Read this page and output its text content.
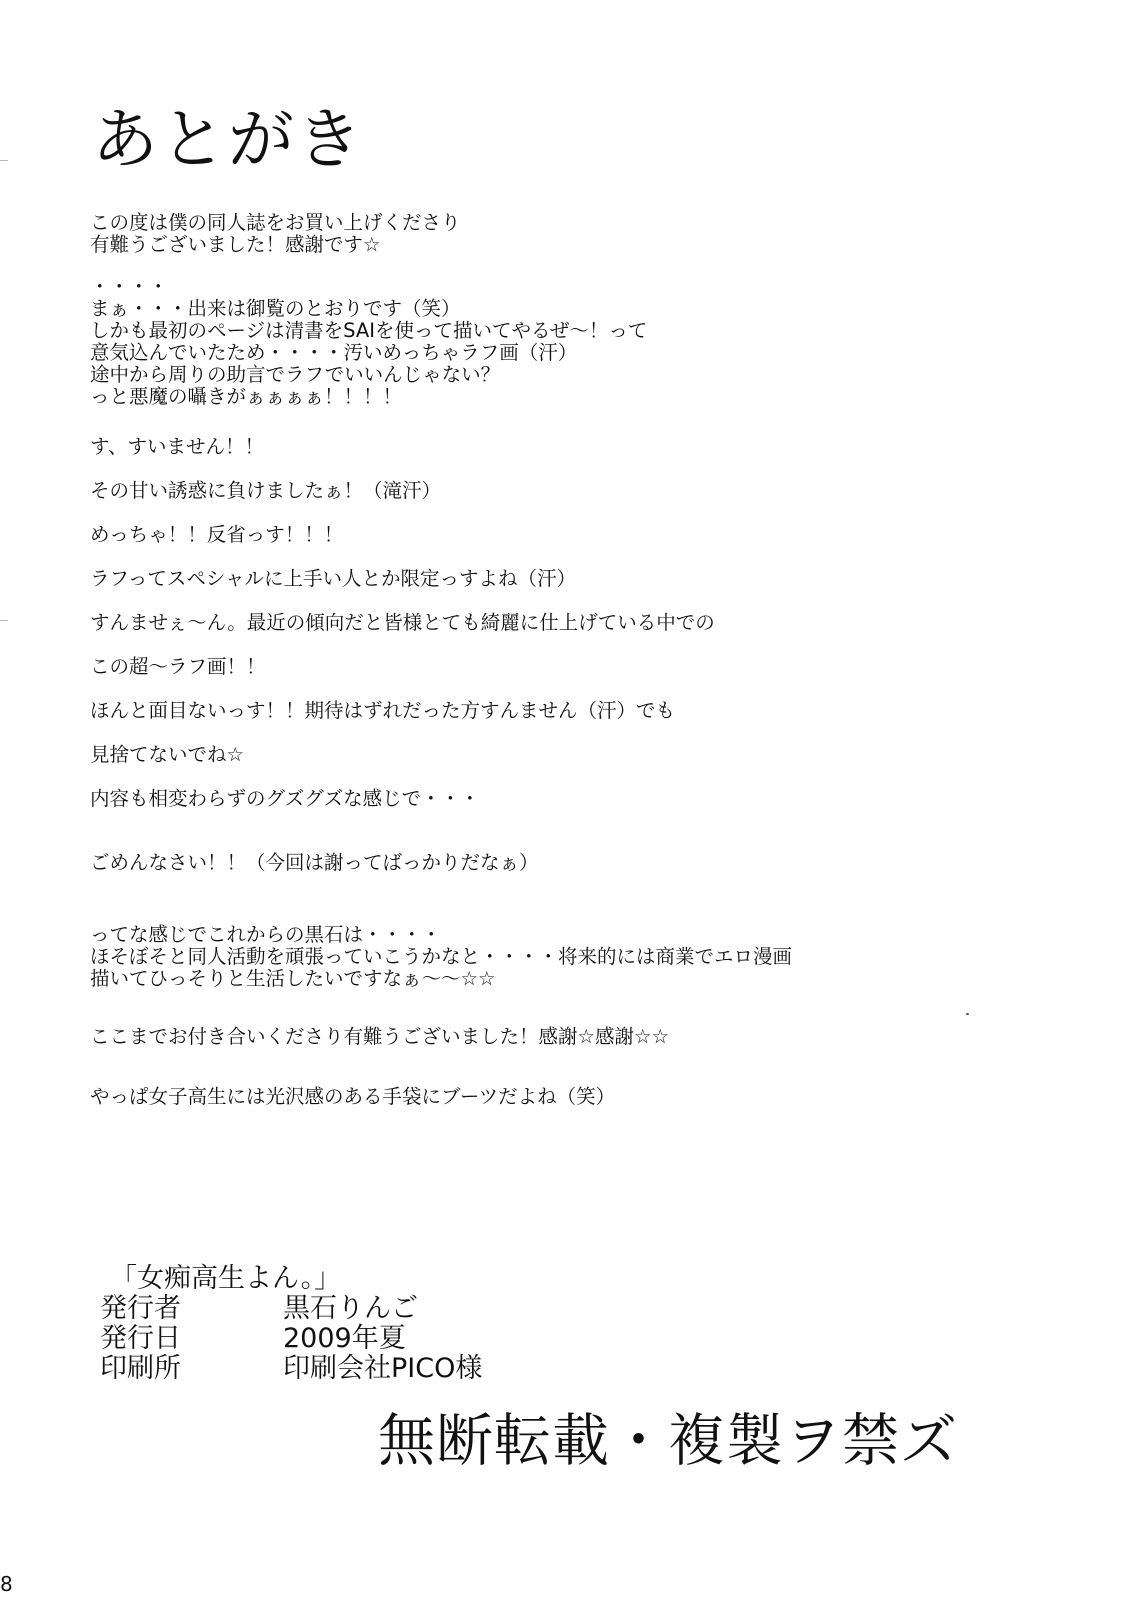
あとがき
この度は僕の同人誌をお買い上げくださり
有難うございました！感謝です☆
・・・・
まぁ・・・出来は御覧のとおりです（笑）
しかも最初のページは清書をSAIを使って描いてやるぜ～！って
意気込んでいたため・・・・汚いめっちゃラフ画（汗）
途中から周りの助言でラフでいいんじゃない？
っと悪魔の囁きがぁぁぁぁ！！！！
す、すいません！！
その甘い誘惑に負けましたぁ！（滝汗）
めっちゃ！！反省っす！！！
ラフってスペシャルに上手い人とか限定っすよね（汗）
すんませぇ～ん。最近の傾向だと皆様とても綺麗に仕上げている中での
この超～ラフ画！！
ほんと面目ないっす！！期待はずれだった方すんません（汗）でも
見捨てないでね☆
内容も相変わらずのグズグズな感じで・・・
ごめんなさい！！（今回は謝ってばっかりだなぁ）
ってな感じでこれからの黒石は・・・・
ほそぼそと同人活動を頑張っていこうかなと・・・・将来的には商業でエロ漫画
描いてひっそりと生活したいですなぁ～～☆☆
ここまでお付き合いくださり有難うございました！感謝☆感謝☆☆
やっぱ女子高生には光沢感のある手袋にブーツだよね（笑）
「女痴高生よん。」
発行者	黒石りんご
発行日	2009年夏
印刷所	印刷会社PICO様
無断転載・複製ヲ禁ズ
8
